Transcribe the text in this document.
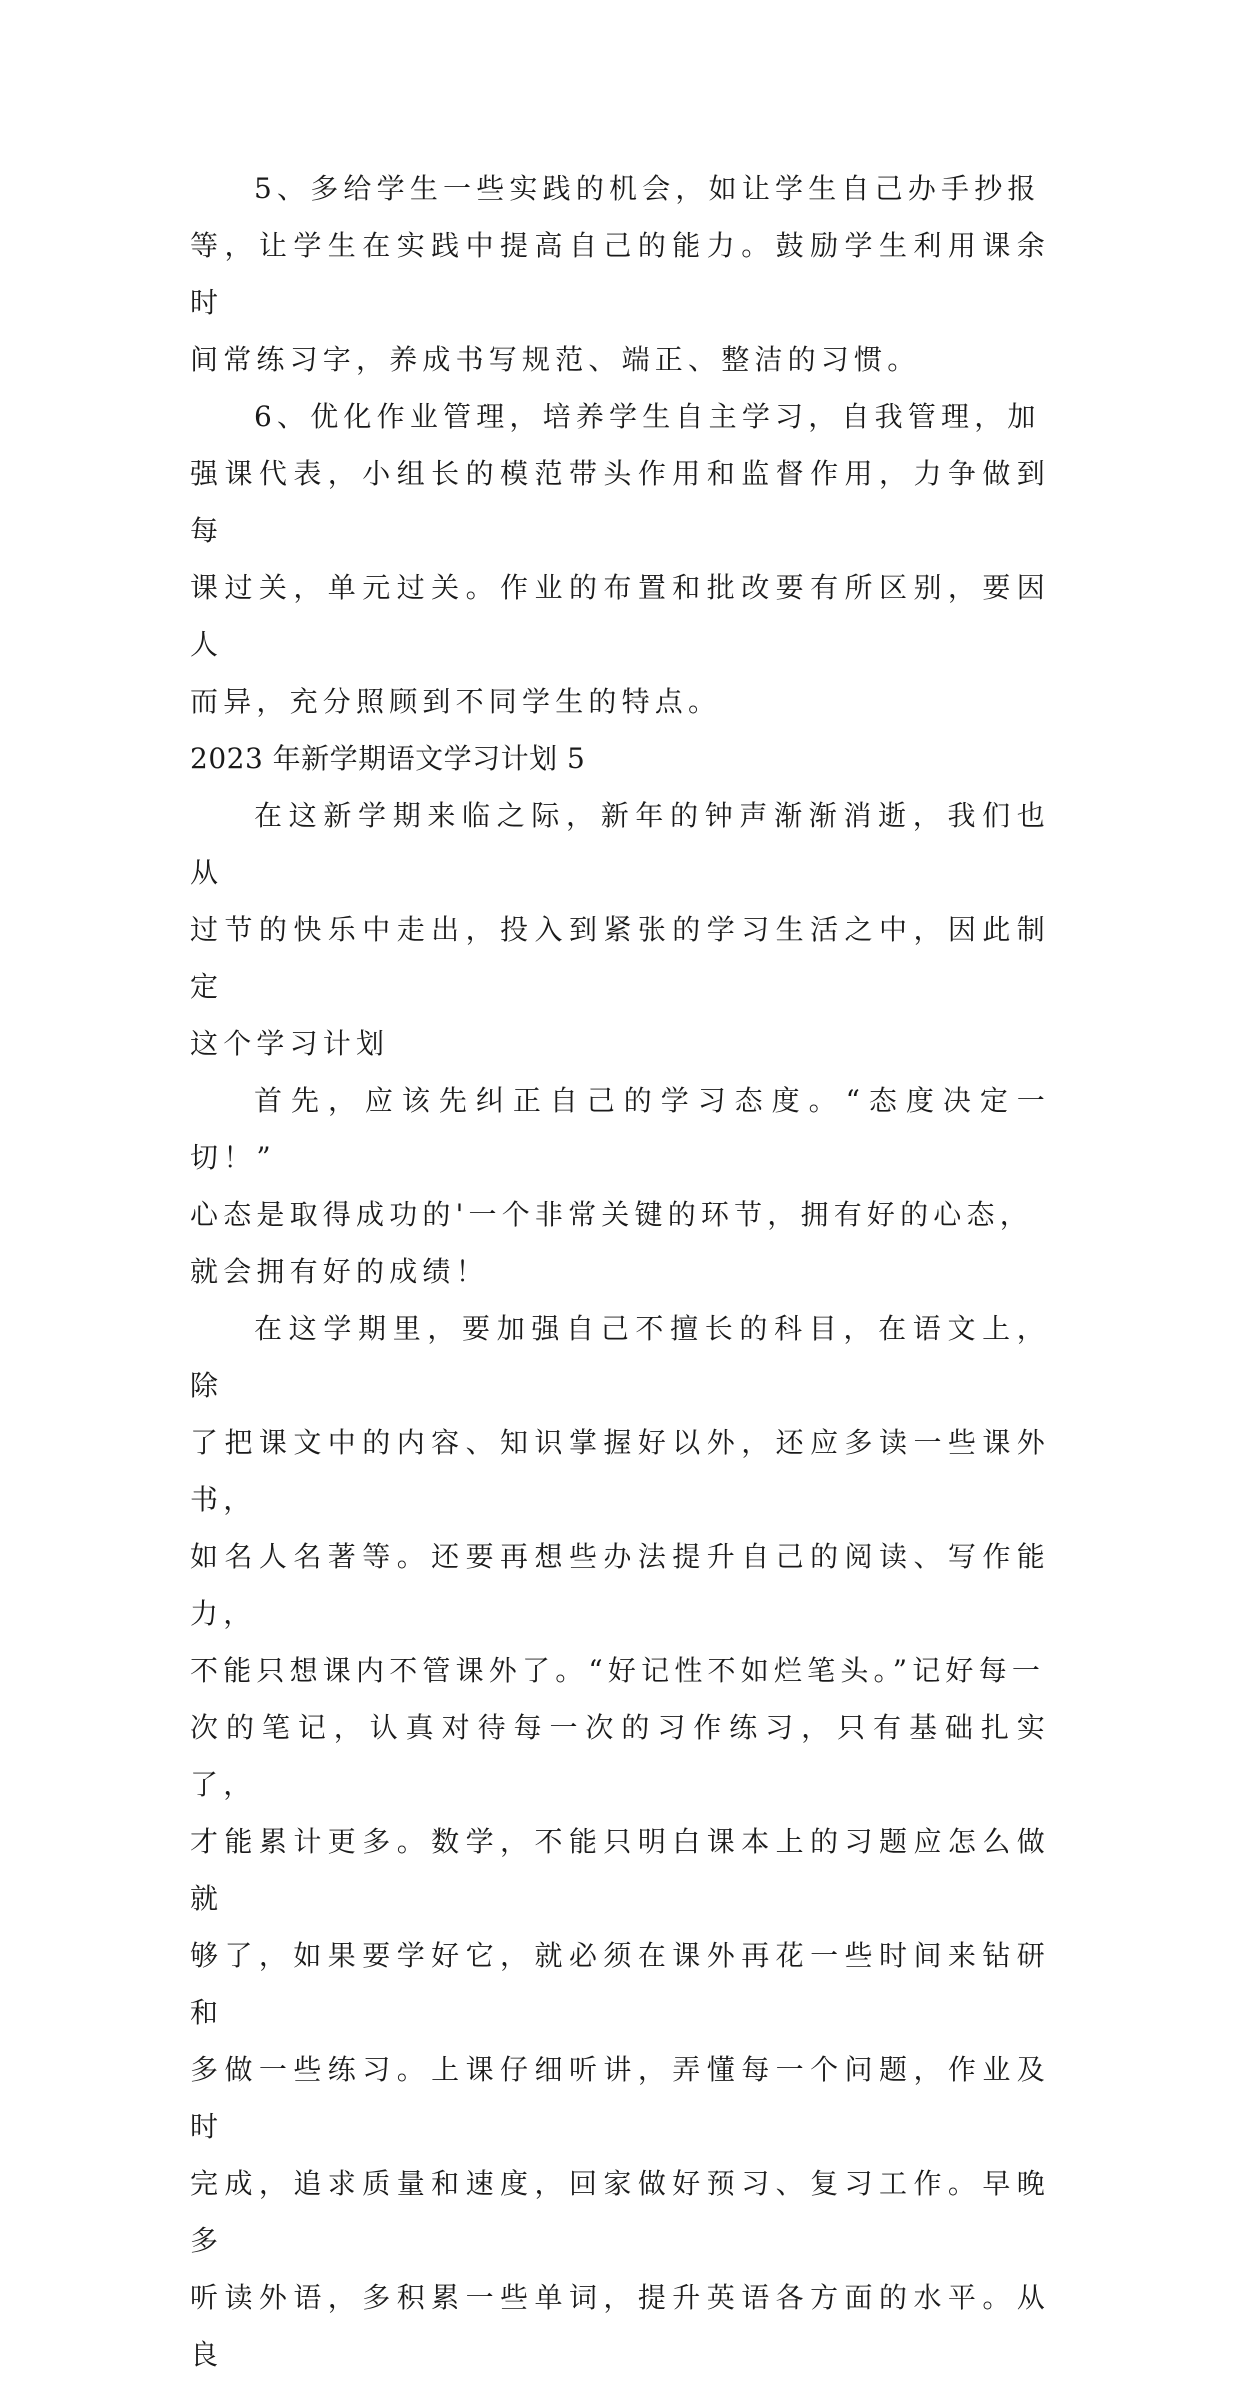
5、多给学生一些实践的机会，如让学生自己办手抄报
等，让学生在实践中提高自己的能力。鼓励学生利用课余时
间常练习字，养成书写规范、端正、整洁的习惯。

6、优化作业管理，培养学生自主学习，自我管理，加
强课代表，小组长的模范带头作用和监督作用，力争做到每
课过关，单元过关。作业的布置和批改要有所区别，要因人
而异，充分照顾到不同学生的特点。

2023 年新学期语文学习计划 5

在这新学期来临之际，新年的钟声渐渐消逝，我们也从
过节的快乐中走出，投入到紧张的学习生活之中，因此制定
这个学习计划

首先，应该先纠正自己的学习态度。“态度决定一切！”
心态是取得成功的'一个非常关键的环节，拥有好的心态，
就会拥有好的成绩！

在这学期里，要加强自己不擅长的科目，在语文上，除
了把课文中的内容、知识掌握好以外，还应多读一些课外书，
如名人名著等。还要再想些办法提升自己的阅读、写作能力，
不能只想课内不管课外了。“好记性不如烂笔头。”记好每一
次的笔记，认真对待每一次的习作练习，只有基础扎实了，
才能累计更多。数学，不能只明白课本上的习题应怎么做就
够了，如果要学好它，就必须在课外再花一些时间来钻研和
多做一些练习。上课仔细听讲，弄懂每一个问题，作业及时
完成，追求质量和速度，回家做好预习、复习工作。早晚多
听读外语，多积累一些单词，提升英语各方面的水平。从良
